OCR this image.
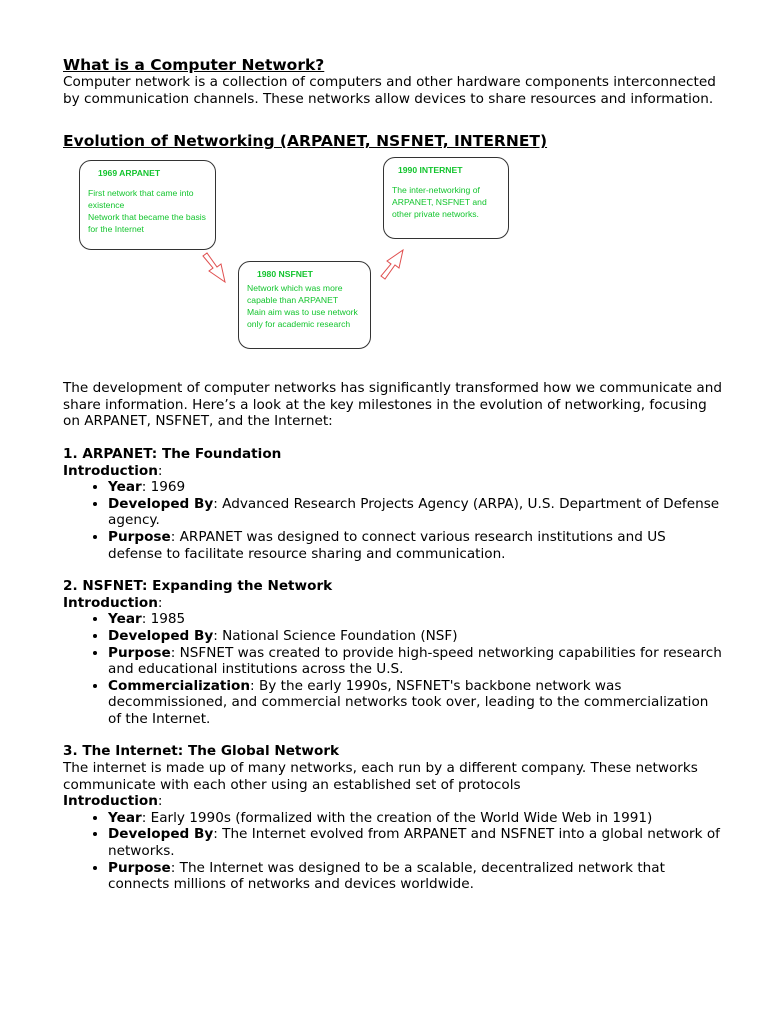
What is a Computer Network?

Computer network is a collection of computers and other hardware components interconnected by communication channels. These networks allow devices to share resources and information.

Evolution of Networking (ARPANET, NSFNET, INTERNET)
1969 ARPANET
First network that came into existence
Network that became the basis for the Internet
1980 NSFNET
Network which was more capable than ARPANET
Main aim was to use network only for academic research
1990 INTERNET
The inter-networking of ARPANET, NSFNET and other private networks.

The development of computer networks has significantly transformed how we communicate and share information. Here’s a look at the key milestones in the evolution of networking, focusing on ARPANET, NSFNET, and the Internet:

1. ARPANET: The Foundation
Introduction:
• Year: 1969
• Developed By: Advanced Research Projects Agency (ARPA), U.S. Department of Defense agency.
• Purpose: ARPANET was designed to connect various research institutions and US defense to facilitate resource sharing and communication.
2. NSFNET: Expanding the Network
Introduction:
• Year: 1985
• Developed By: National Science Foundation (NSF)
• Purpose: NSFNET was created to provide high-speed networking capabilities for research and educational institutions across the U.S.
• Commercialization: By the early 1990s, NSFNET's backbone network was decommissioned, and commercial networks took over, leading to the commercialization of the Internet.
3. The Internet: The Global Network

The internet is made up of many networks, each run by a different company. These networks communicate with each other using an established set of protocols

Introduction:
• Year: Early 1990s (formalized with the creation of the World Wide Web in 1991)
• Developed By: The Internet evolved from ARPANET and NSFNET into a global network of networks.
• Purpose: The Internet was designed to be a scalable, decentralized network that connects millions of networks and devices worldwide.
